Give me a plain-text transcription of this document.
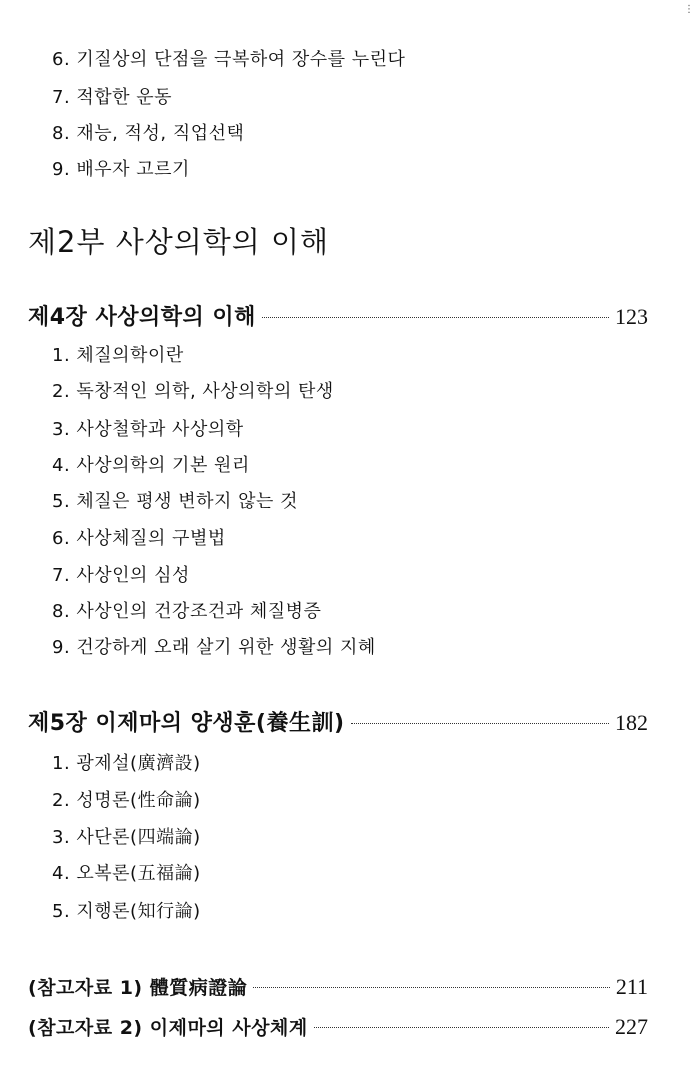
6. 기질상의 단점을 극복하여 장수를 누린다
7. 적합한 운동
8. 재능, 적성, 직업선택
9. 배우자 고르기
제2부 사상의학의 이해
제4장 사상의학의 이해	123
1. 체질의학이란
2. 독창적인 의학, 사상의학의 탄생
3. 사상철학과 사상의학
4. 사상의학의 기본 원리
5. 체질은 평생 변하지 않는 것
6. 사상체질의 구별법
7. 사상인의 심성
8. 사상인의 건강조건과 체질병증
9. 건강하게 오래 살기 위한 생활의 지혜
제5장 이제마의 양생훈(養生訓)	182
1. 광제설(廣濟設)
2. 성명론(性命論)
3. 사단론(四端論)
4. 오복론(五福論)
5. 지행론(知行論)
(참고자료 1) 體質病證論	211
(참고자료 2) 이제마의 사상체계	227
⋮
